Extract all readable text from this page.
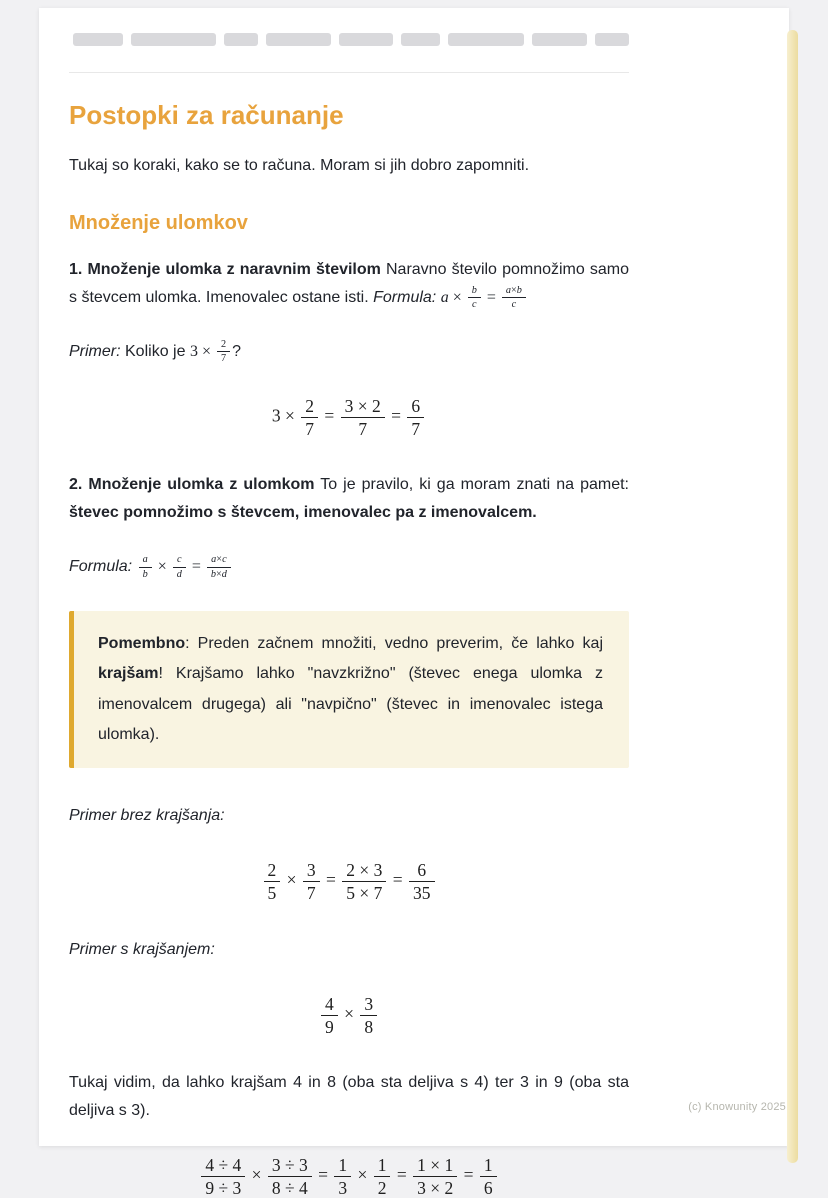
Postopki za računanje

Tukaj so koraki, kako se to računa. Moram si jih dobro zapomniti.

Množenje ulomkov

1. Množenje ulomka z naravnim številom Naravno število pomnožimo samo s števcem ulomka. Imenovalec ostane isti. Formula: $a \times \frac{b}{c} = \frac{a\times b}{c}$

Primer: Koliko je $3 \times \frac{2}{7}$ ?

$3 \times \frac{2}{7} = \frac{3 \times 2}{7} = \frac{6}{7}$

2. Množenje ulomka z ulomkom To je pravilo, ki ga moram znati na pamet: števec pomnožimo s števcem, imenovalec pa z imenovalcem.

Formula: $\frac{a}{b} \times \frac{c}{d} = \frac{a\times c}{b\times d}$

Pomembno: Preden začnem množiti, vedno preverim, če lahko kaj krajšam! Krajšamo lahko "navzkrižno" (števec enega ulomka z imenovalcem drugega) ali "navpično" (števec in imenovalec istega ulomka).

Primer brez krajšanja:

$\frac{2}{5} \times \frac{3}{7} = \frac{2 \times 3}{5 \times 7} = \frac{6}{35}$

Primer s krajšanjem:

$\frac{4}{9} \times \frac{3}{8}$

Tukaj vidim, da lahko krajšam 4 in 8 (oba sta deljiva s 4) ter 3 in 9 (oba sta deljiva s 3).

$\frac{4 \div 4}{9 \div 3} \times \frac{3 \div 3}{8 \div 4} = \frac{1}{3} \times \frac{1}{2} = \frac{1 \times 1}{3 \times 2} = \frac{1}{6}$
(c) Knowunity 2025
